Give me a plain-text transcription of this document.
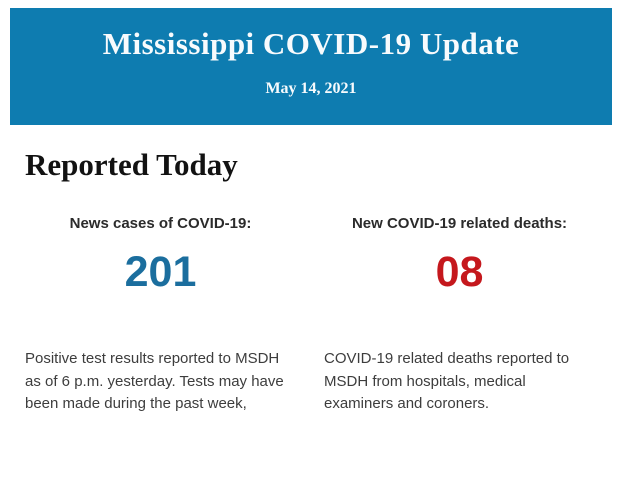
Mississippi COVID-19 Update
May 14, 2021
Reported Today
News cases of COVID-19:
201
Positive test results reported to MSDH as of 6 p.m. yesterday. Tests may have been made during the past week,
New COVID-19 related deaths:
08
COVID-19 related deaths reported to MSDH from hospitals, medical examiners and coroners.
